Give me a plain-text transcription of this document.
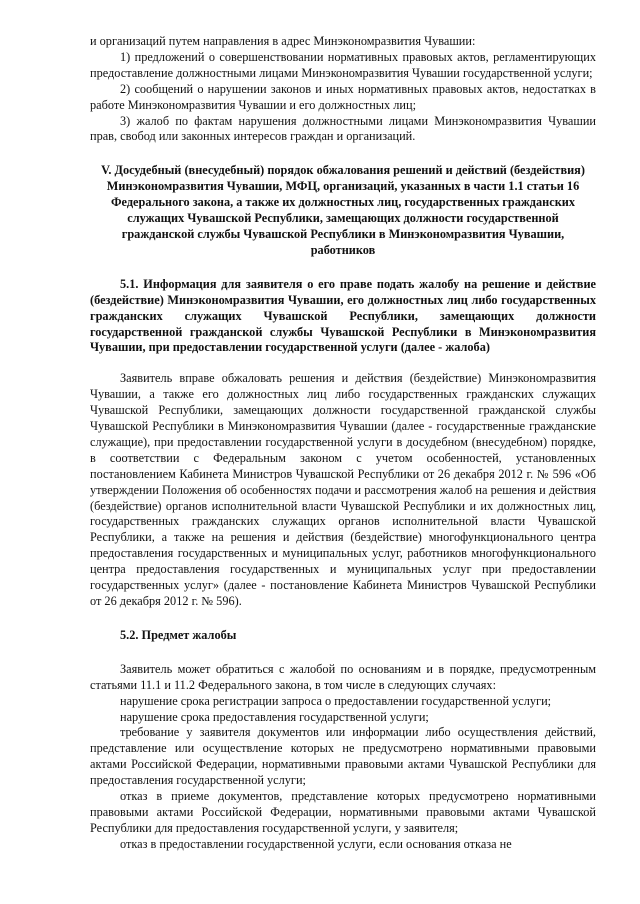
и организаций путем направления в адрес Минэкономразвития Чувашии:

1) предложений о совершенствовании нормативных правовых актов, регламентирующих предоставление должностными лицами Минэкономразвития Чувашии государственной услуги;

2) сообщений о нарушении законов и иных нормативных правовых актов, недостатках в работе Минэкономразвития Чувашии и его должностных лиц;

3) жалоб по фактам нарушения должностными лицами Минэкономразвития Чувашии прав, свобод или законных интересов граждан и организаций.

V. Досудебный (внесудебный) порядок обжалования решений и действий (бездействия) Минэкономразвития Чувашии, МФЦ, организаций, указанных в части 1.1 статьи 16 Федерального закона, а также их должностных лиц, государственных гражданских служащих Чувашской Республики, замещающих должности государственной гражданской службы Чувашской Республики в Минэкономразвития Чувашии, работников

5.1. Информация для заявителя о его праве подать жалобу на решение и действие (бездействие) Минэкономразвития Чувашии, его должностных лиц либо государственных гражданских служащих Чувашской Республики, замещающих должности государственной гражданской службы Чувашской Республики в Минэкономразвития Чувашии, при предоставлении государственной услуги (далее - жалоба)

Заявитель вправе обжаловать решения и действия (бездействие) Минэкономразвития Чувашии, а также его должностных лиц либо государственных гражданских служащих Чувашской Республики, замещающих должности государственной гражданской службы Чувашской Республики в Минэкономразвития Чувашии (далее - государственные гражданские служащие), при предоставлении государственной услуги в досудебном (внесудебном) порядке, в соответствии с Федеральным законом с учетом особенностей, установленных постановлением Кабинета Министров Чувашской Республики от 26 декабря 2012 г. № 596 «Об утверждении Положения об особенностях подачи и рассмотрения жалоб на решения и действия (бездействие) органов исполнительной власти Чувашской Республики и их должностных лиц, государственных гражданских служащих органов исполнительной власти Чувашской Республики, а также на решения и действия (бездействие) многофункционального центра предоставления государственных и муниципальных услуг, работников многофункционального центра предоставления государственных и муниципальных услуг при предоставлении государственных услуг» (далее - постановление Кабинета Министров Чувашской Республики от 26 декабря 2012 г. № 596).

5.2. Предмет жалобы

Заявитель может обратиться с жалобой по основаниям и в порядке, предусмотренным статьями 11.1 и 11.2 Федерального закона, в том числе в следующих случаях:

нарушение срока регистрации запроса о предоставлении государственной услуги;

нарушение срока предоставления государственной услуги;

требование у заявителя документов или информации либо осуществления действий, представление или осуществление которых не предусмотрено нормативными правовыми актами Российской Федерации, нормативными правовыми актами Чувашской Республики для предоставления государственной услуги;

отказ в приеме документов, представление которых предусмотрено нормативными правовыми актами Российской Федерации, нормативными правовыми актами Чувашской Республики для предоставления государственной услуги, у заявителя;

отказ в предоставлении государственной услуги, если основания отказа не
